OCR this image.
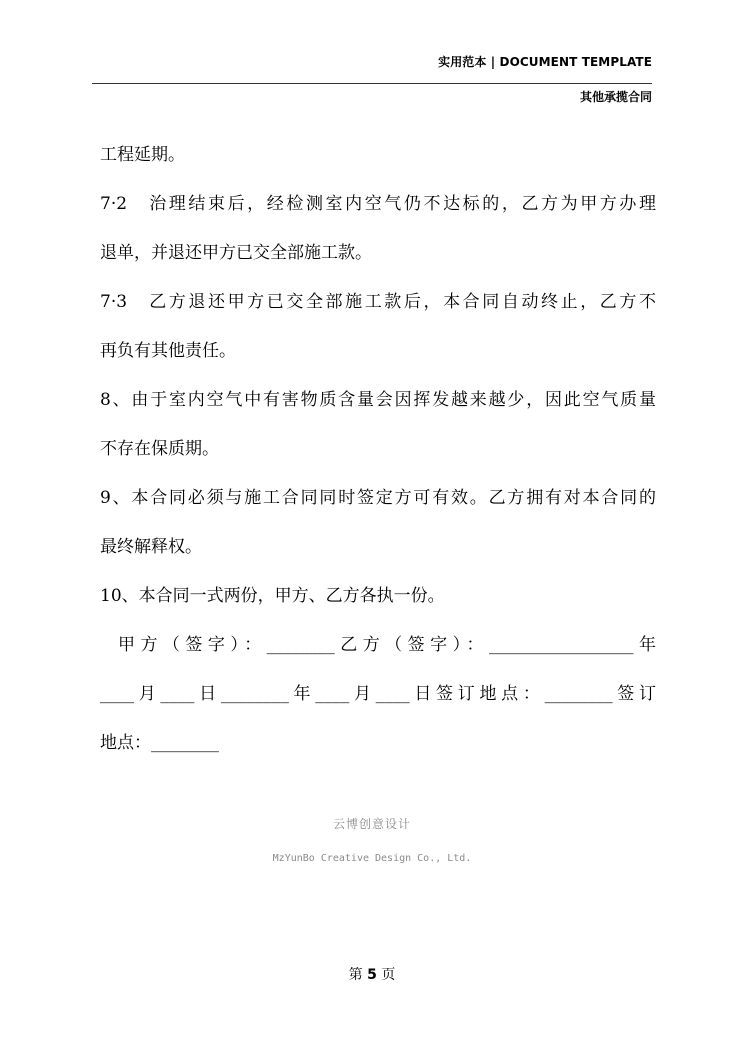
实用范本 | DOCUMENT TEMPLATE
其他承揽合同
工程延期。
7·2　治理结束后，经检测室内空气仍不达标的，乙方为甲方办理
退单，并退还甲方已交全部施工款。
7·3　乙方退还甲方已交全部施工款后，本合同自动终止，乙方不
再负有其他责任。
8、由于室内空气中有害物质含量会因挥发越来越少，因此空气质量
不存在保质期。
9、本合同必须与施工合同同时签定方可有效。乙方拥有对本合同的
最终解释权。
10、本合同一式两份，甲方、乙方各执一份。
甲方（签字）：________乙方（签字）：_________________年
____月____日________年____月____日签订地点：________签订
地点：________
云博创意设计
MzYunBo Creative Design Co., Ltd.
第 5 页
